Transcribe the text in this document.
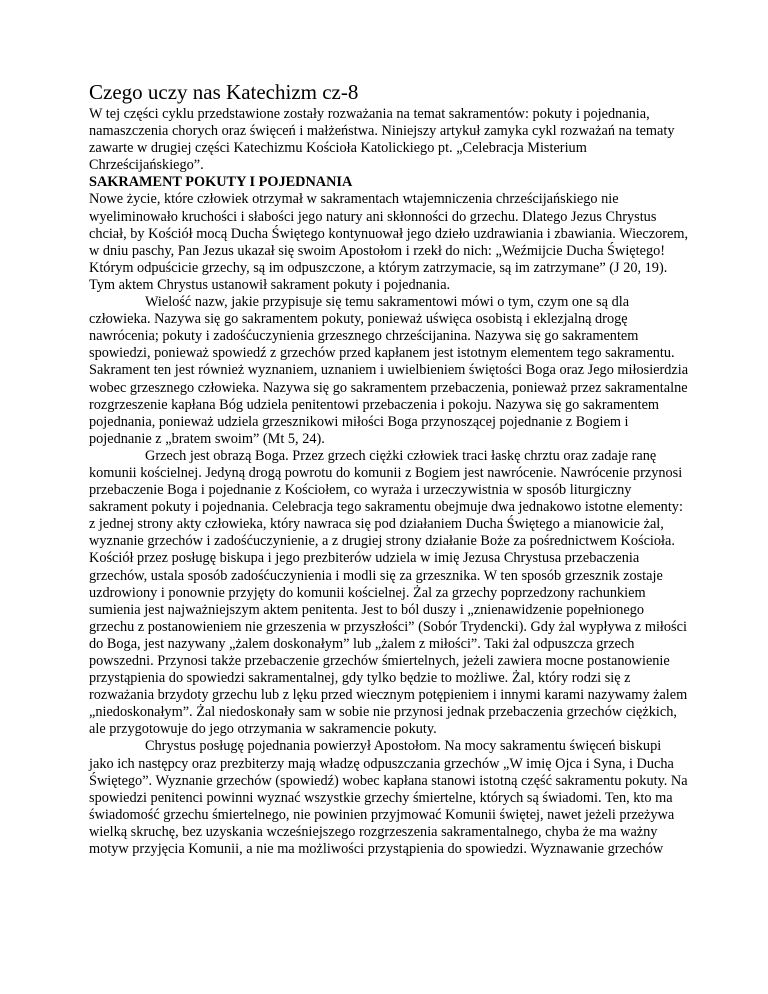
Czego uczy nas Katechizm cz-8

W tej części cyklu przedstawione zostały rozważania na temat sakramentów: pokuty i pojednania, namaszczenia chorych oraz święceń i małżeństwa. Niniejszy artykuł zamyka cykl rozważań na tematy zawarte w drugiej części Katechizmu Kościoła Katolickiego pt. „Celebracja Misterium Chrześcijańskiego”.

SAKRAMENT POKUTY I POJEDNANIA

Nowe życie, które człowiek otrzymał w sakramentach wtajemniczenia chrześcijańskiego nie wyeliminowało kruchości i słabości jego natury ani skłonności do grzechu. Dlatego Jezus Chrystus chciał, by Kościół mocą Ducha Świętego kontynuował jego dzieło uzdrawiania i zbawiania. Wieczorem, w dniu paschy, Pan Jezus ukazał się swoim Apostołom i rzekł do nich: „Weźmijcie Ducha Świętego! Którym odpuścicie grzechy, są im odpuszczone, a którym zatrzymacie, są im zatrzymane” (J 20, 19). Tym aktem Chrystus ustanowił sakrament pokuty i pojednania.

Wielość nazw, jakie przypisuje się temu sakramentowi mówi o tym, czym one są dla człowieka. Nazywa się go sakramentem pokuty, ponieważ uświęca osobistą i eklezjalną drogę nawrócenia; pokuty i zadośćuczynienia grzesznego chrześcijanina. Nazywa się go sakramentem spowiedzi, ponieważ spowiedź z grzechów przed kapłanem jest istotnym elementem tego sakramentu. Sakrament ten jest również wyznaniem, uznaniem i uwielbieniem świętości Boga oraz Jego miłosierdzia wobec grzesznego człowieka. Nazywa się go sakramentem przebaczenia, ponieważ przez sakramentalne rozgrzeszenie kapłana Bóg udziela penitentowi przebaczenia i pokoju. Nazywa się go sakramentem pojednania, ponieważ udziela grzesznikowi miłości Boga przynoszącej pojednanie z Bogiem i pojednanie z „bratem swoim” (Mt 5, 24).

Grzech jest obrazą Boga. Przez grzech ciężki człowiek traci łaskę chrztu oraz zadaje ranę komunii kościelnej. Jedyną drogą powrotu do komunii z Bogiem jest nawrócenie. Nawrócenie przynosi przebaczenie Boga i pojednanie z Kościołem, co wyraża i urzeczywistnia w sposób liturgiczny sakrament pokuty i pojednania. Celebracja tego sakramentu obejmuje dwa jednakowo istotne elementy: z jednej strony akty człowieka, który nawraca się pod działaniem Ducha Świętego a mianowicie żal, wyznanie grzechów i zadośćuczynienie, a z drugiej strony działanie Boże za pośrednictwem Kościoła. Kościół przez posługę biskupa i jego prezbiterów udziela w imię Jezusa Chrystusa przebaczenia grzechów, ustala sposób zadośćuczynienia i modli się za grzesznika. W ten sposób grzesznik zostaje uzdrowiony i ponownie przyjęty do komunii kościelnej. Żal za grzechy poprzedzony rachunkiem sumienia jest najważniejszym aktem penitenta. Jest to ból duszy i „znienawidzenie popełnionego grzechu z postanowieniem nie grzeszenia w przyszłości” (Sobór Trydencki). Gdy żal wypływa z miłości do Boga, jest nazywany „żalem doskonałym” lub „żalem z miłości”. Taki żal odpuszcza grzech powszedni. Przynosi także przebaczenie grzechów śmiertelnych, jeżeli zawiera mocne postanowienie przystąpienia do spowiedzi sakramentalnej, gdy tylko będzie to możliwe. Żal, który rodzi się z rozważania brzydoty grzechu lub z lęku przed wiecznym potępieniem i innymi karami nazywamy żalem „niedoskonałym”. Żal niedoskonały sam w sobie nie przynosi jednak przebaczenia grzechów ciężkich, ale przygotowuje do jego otrzymania w sakramencie pokuty.

Chrystus posługę pojednania powierzył Apostołom. Na mocy sakramentu święceń biskupi jako ich następcy oraz prezbiterzy mają władzę odpuszczania grzechów „W imię Ojca i Syna, i Ducha Świętego”. Wyznanie grzechów (spowiedź) wobec kapłana stanowi istotną część sakramentu pokuty. Na spowiedzi penitenci powinni wyznać wszystkie grzechy śmiertelne, których są świadomi. Ten, kto ma świadomość grzechu śmiertelnego, nie powinien przyjmować Komunii świętej, nawet jeżeli przeżywa wielką skruchę, bez uzyskania wcześniejszego rozgrzeszenia sakramentalnego, chyba że ma ważny motyw przyjęcia Komunii, a nie ma możliwości przystąpienia do spowiedzi. Wyznawanie grzechów
